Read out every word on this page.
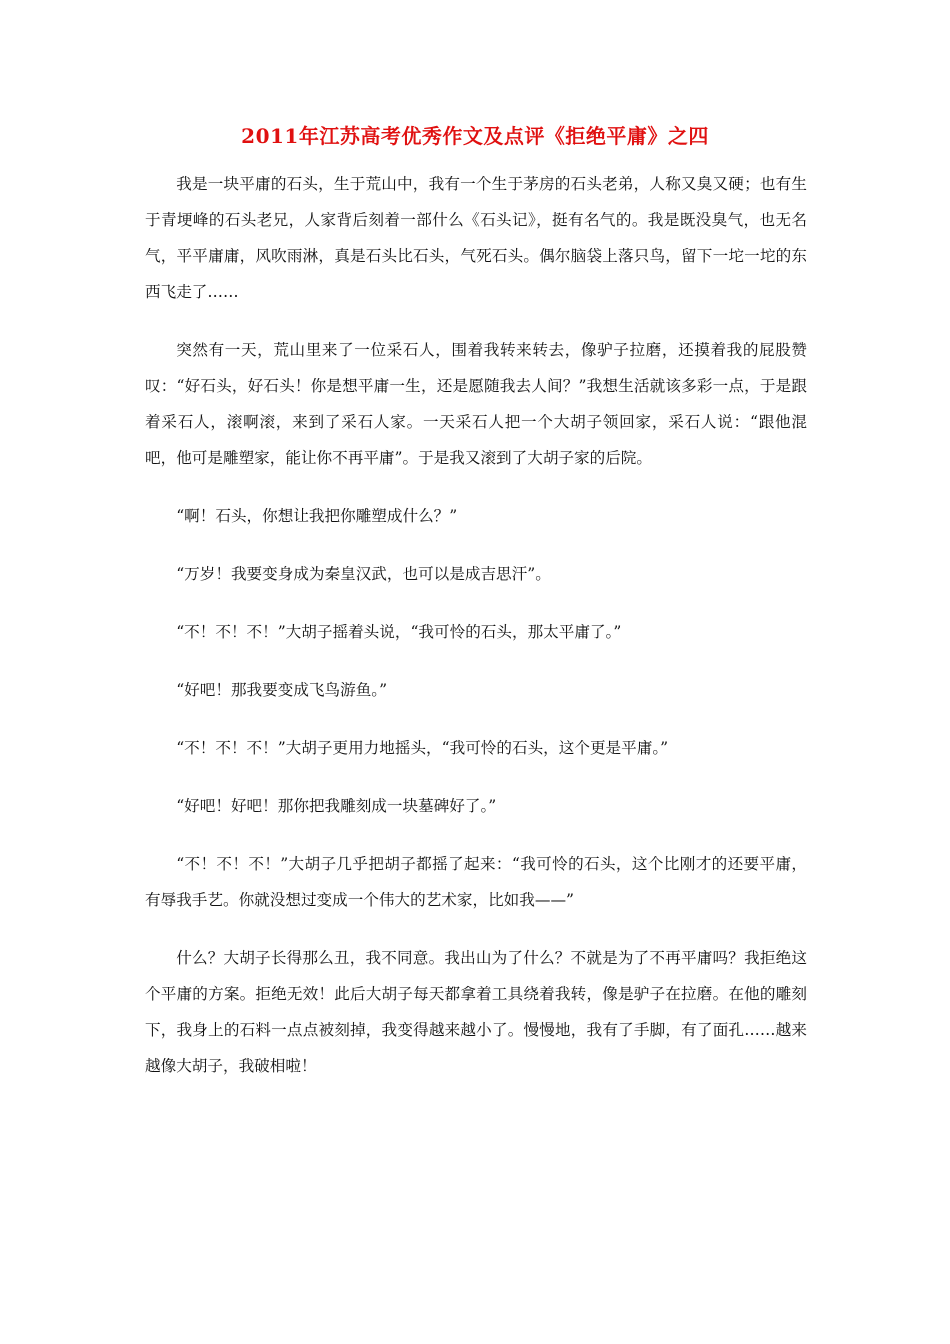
2011年江苏高考优秀作文及点评《拒绝平庸》之四

我是一块平庸的石头，生于荒山中，我有一个生于茅房的石头老弟，人称又臭又硬；也有生于青埂峰的石头老兄，人家背后刻着一部什么《石头记》，挺有名气的。我是既没臭气，也无名气，平平庸庸，风吹雨淋，真是石头比石头，气死石头。偶尔脑袋上落只鸟，留下一坨一坨的东西飞走了……

突然有一天，荒山里来了一位采石人，围着我转来转去，像驴子拉磨，还摸着我的屁股赞叹：“好石头，好石头！你是想平庸一生，还是愿随我去人间？”我想生活就该多彩一点，于是跟着采石人，滚啊滚，来到了采石人家。一天采石人把一个大胡子领回家，采石人说：“跟他混吧，他可是雕塑家，能让你不再平庸”。于是我又滚到了大胡子家的后院。

“啊！石头，你想让我把你雕塑成什么？”

“万岁！我要变身成为秦皇汉武，也可以是成吉思汗”。

“不！不！不！”大胡子摇着头说，“我可怜的石头，那太平庸了。”

“好吧！那我要变成飞鸟游鱼。”

“不！不！不！”大胡子更用力地摇头，“我可怜的石头，这个更是平庸。”

“好吧！好吧！那你把我雕刻成一块墓碑好了。”

“不！不！不！”大胡子几乎把胡子都摇了起来：“我可怜的石头，这个比刚才的还要平庸，有辱我手艺。你就没想过变成一个伟大的艺术家，比如我——”

什么？大胡子长得那么丑，我不同意。我出山为了什么？不就是为了不再平庸吗？我拒绝这个平庸的方案。拒绝无效！此后大胡子每天都拿着工具绕着我转，像是驴子在拉磨。在他的雕刻下，我身上的石料一点点被刻掉，我变得越来越小了。慢慢地，我有了手脚，有了面孔……越来越像大胡子，我破相啦！
